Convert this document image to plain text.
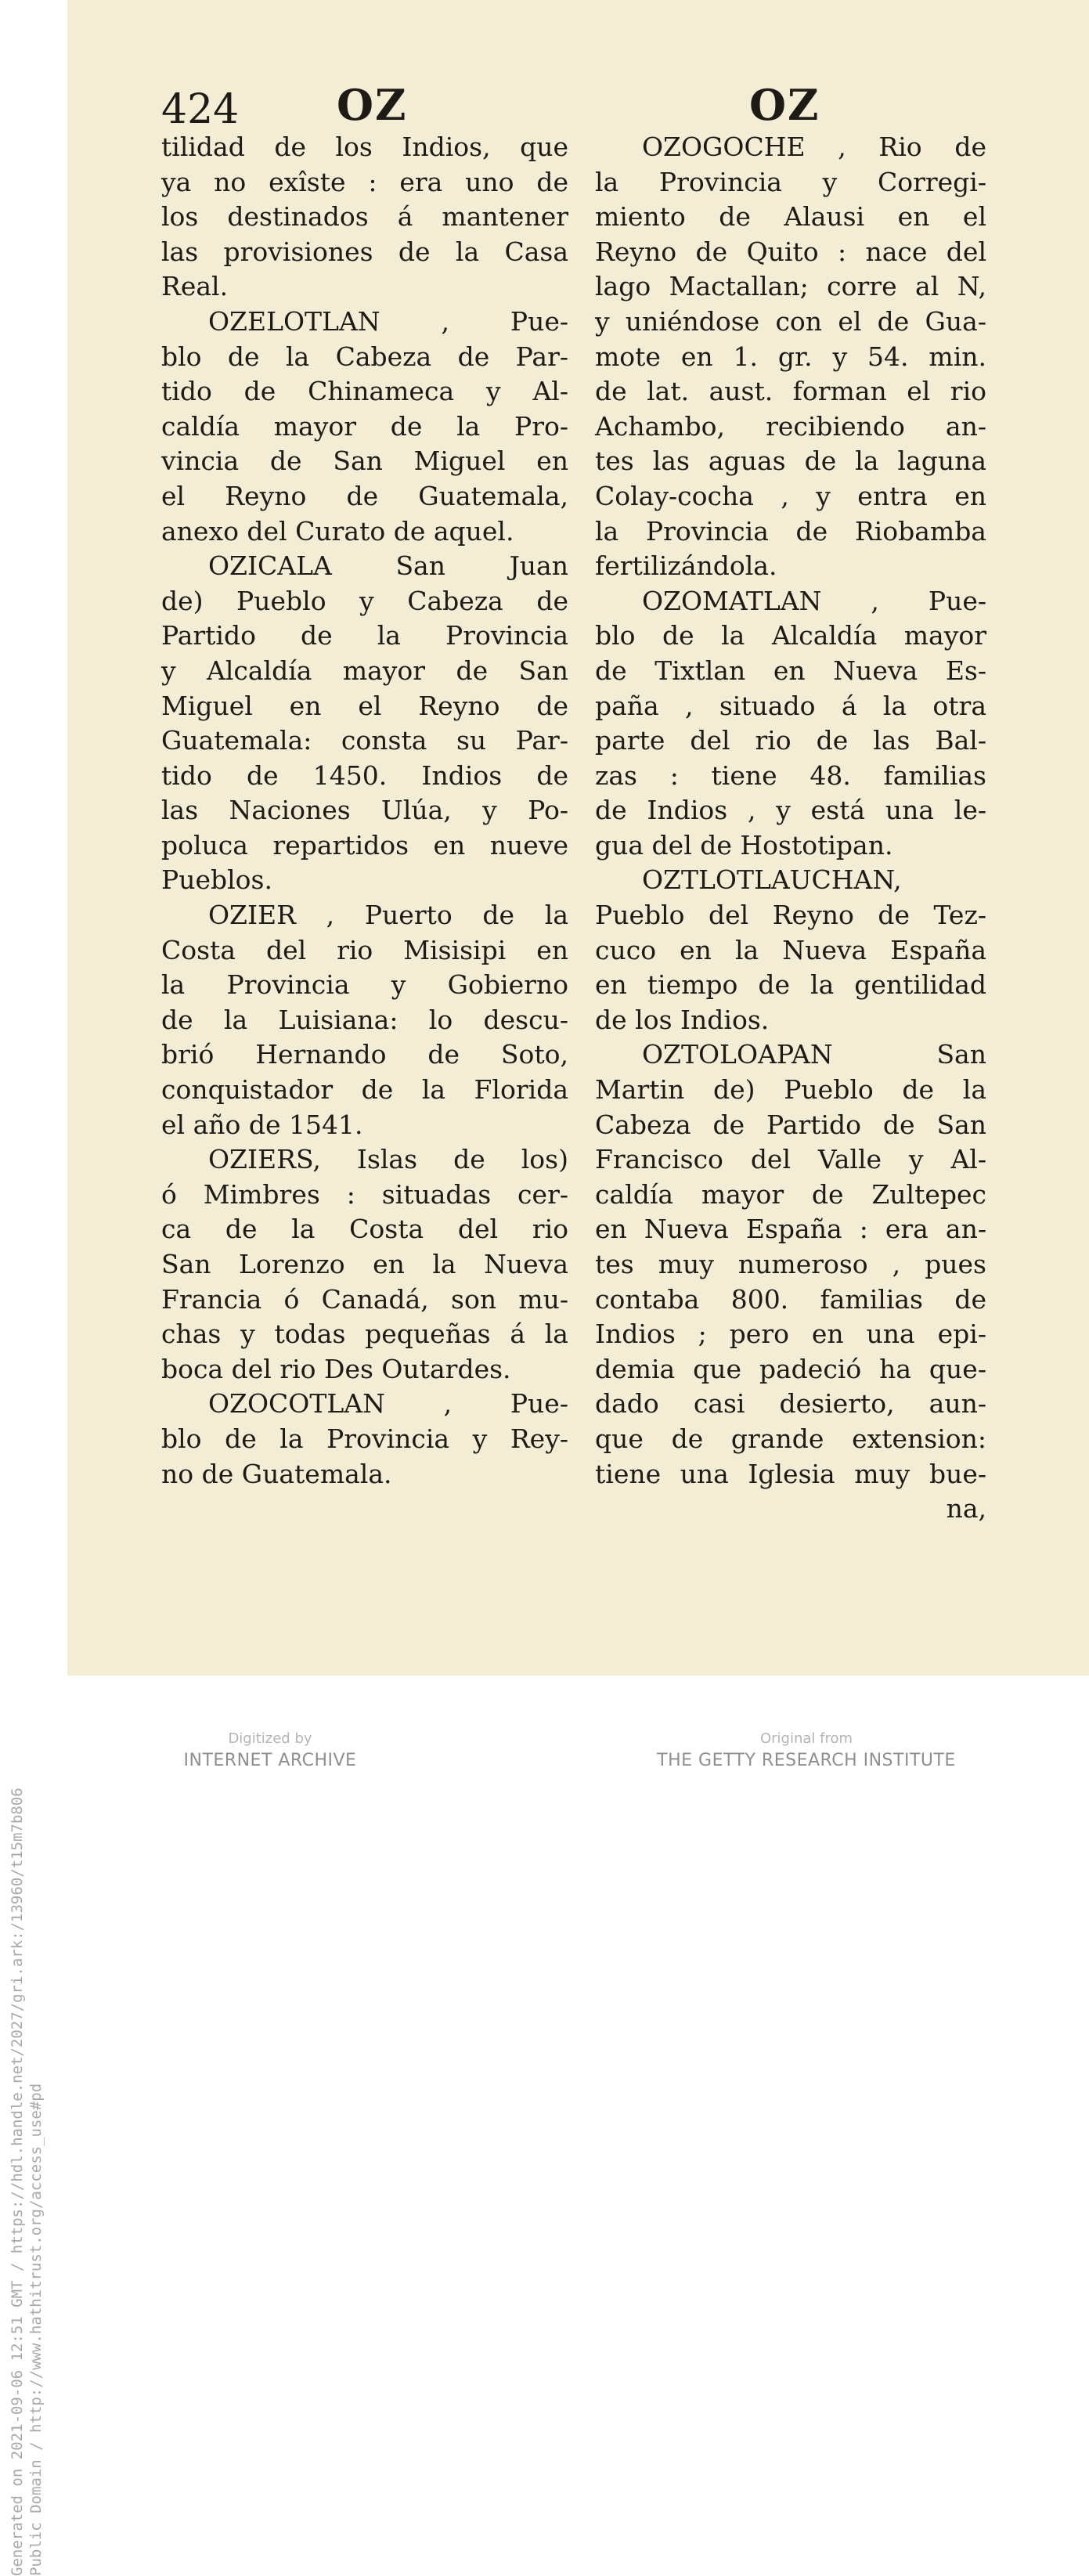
Generated on 2021-09-06 12:51 GMT / https://hdl.handle.net/2027/gri.ark:/13960/t15m7b806 Public Domain / http://www.hathitrust.org/access_use#pd
424 OZ	OZ
tilidad de los Indios, que
ya no exîste : era uno de
los destinados á mantener
las provisiones de la Casa
Real.
OZELOTLAN , Pue-
blo de la Cabeza de Par-
tido de Chinameca y Al-
caldía mayor de la Pro-
vincia de San Miguel en
el Reyno de Guatemala,
anexo del Curato de aquel.
OZICALA San Juan
de) Pueblo y Cabeza de
Partido de la Provincia
y Alcaldía mayor de San
Miguel en el Reyno de
Guatemala: consta su Par-
tido de 1450. Indios de
las Naciones Ulúa, y Po-
poluca repartidos en nueve
Pueblos.
OZIER , Puerto de la
Costa del rio Misisipi en
la Provincia y Gobierno
de la Luisiana: lo descu-
brió Hernando de Soto,
conquistador de la Florida
el año de 1541.
OZIERS, Islas de los)
ó Mimbres : situadas cer-
ca de la Costa del rio
San Lorenzo en la Nueva
Francia ó Canadá, son mu-
chas y todas pequeñas á la
boca del rio Des Outardes.
OZOCOTLAN , Pue-
blo de la Provincia y Rey-
no de Guatemala.
OZOGOCHE , Rio de
la Provincia y Corregi-
miento de Alausi en el
Reyno de Quito : nace del
lago Mactallan; corre al N,
y uniéndose con el de Gua-
mote en 1. gr. y 54. min.
de lat. aust. forman el rio
Achambo, recibiendo an-
tes las aguas de la laguna
Colay-cocha , y entra en
la Provincia de Riobamba
fertilizándola.
OZOMATLAN , Pue-
blo de la Alcaldía mayor
de Tixtlan en Nueva Es-
paña , situado á la otra
parte del rio de las Bal-
zas : tiene 48. familias
de Indios , y está una le-
gua del de Hostotipan.
OZTLOTLAUCHAN,
Pueblo del Reyno de Tez-
cuco en la Nueva España
en tiempo de la gentilidad
de los Indios.
OZTOLOAPAN San
Martin de) Pueblo de la
Cabeza de Partido de San
Francisco del Valle y Al-
caldía mayor de Zultepec
en Nueva España : era an-
tes muy numeroso , pues
contaba 800. familias de
Indios ; pero en una epi-
demia que padeció ha que-
dado casi desierto, aun-
que de grande extension:
tiene una Iglesia muy bue-
na,
Digitized by
INTERNET ARCHIVE
Original from
THE GETTY RESEARCH INSTITUTE
